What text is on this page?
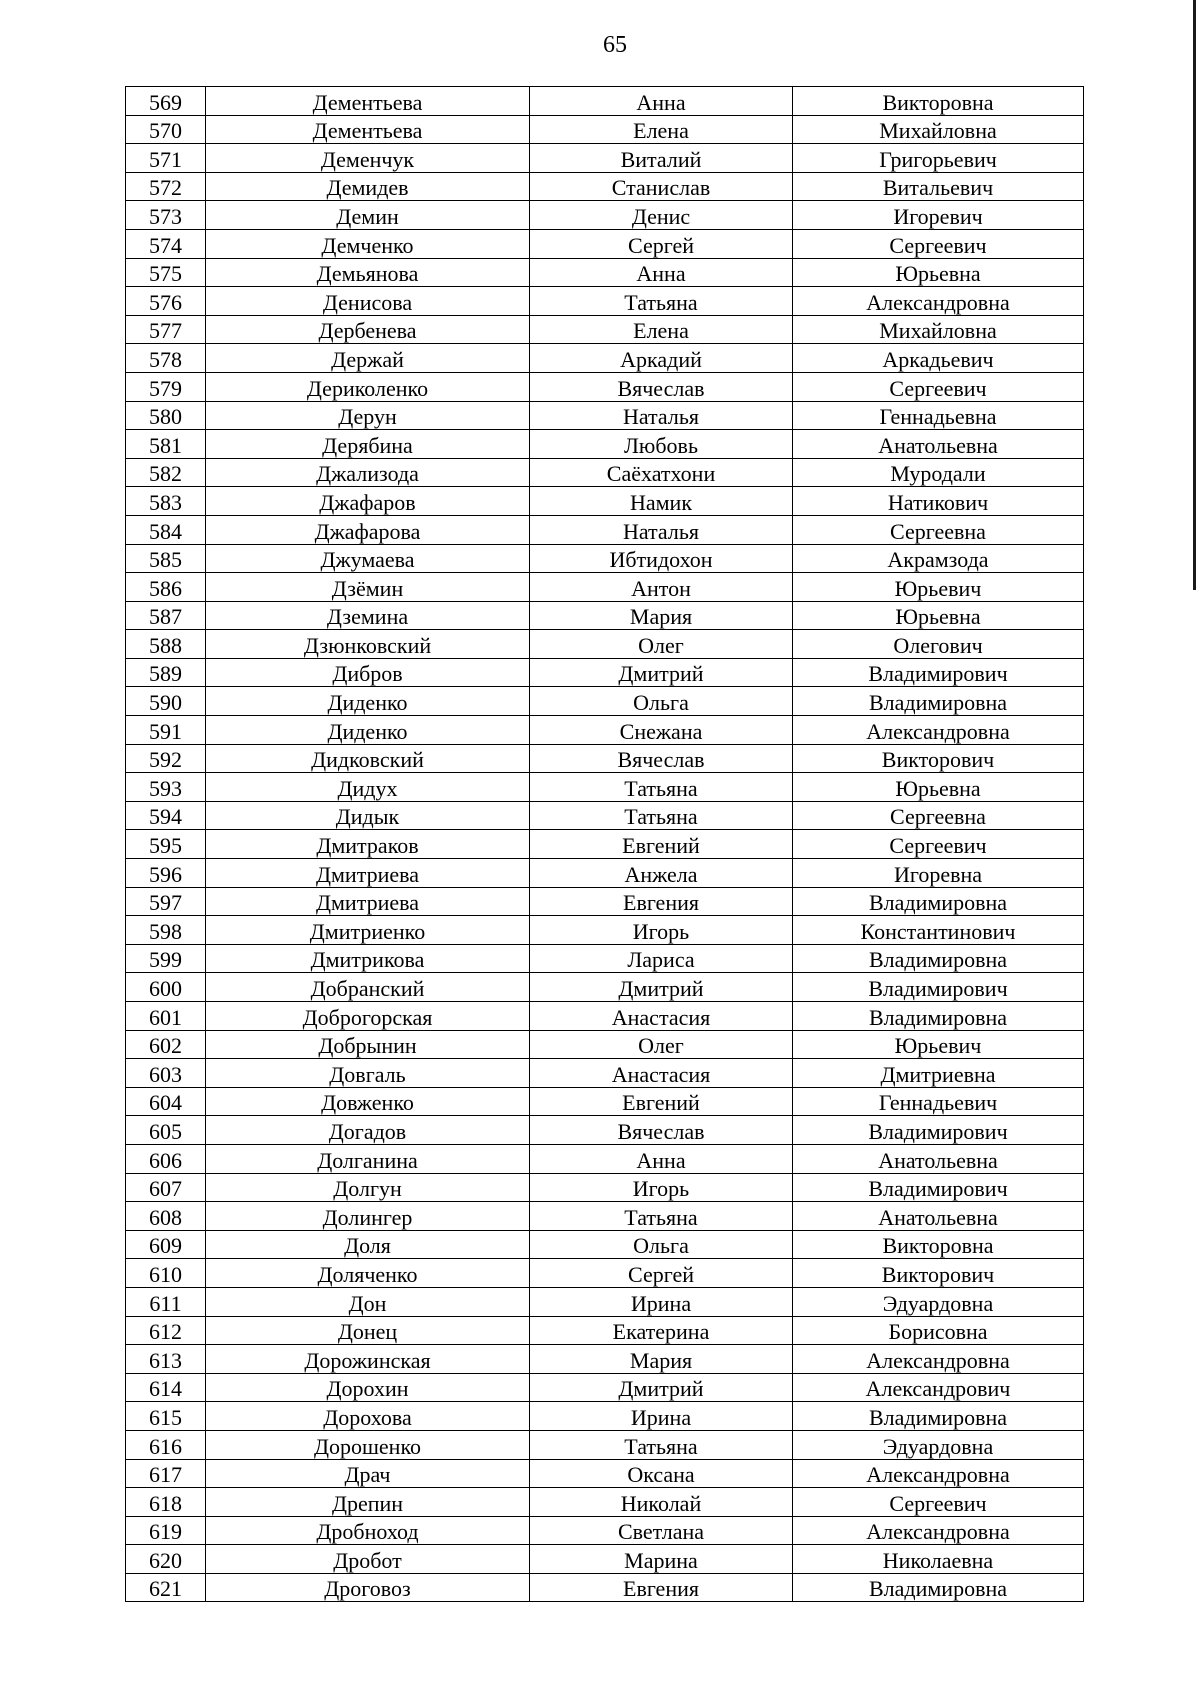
65
569	Дементьева	Анна	Викторовна
570	Дементьева	Елена	Михайловна
571	Деменчук	Виталий	Григорьевич
572	Демидев	Станислав	Витальевич
573	Демин	Денис	Игоревич
574	Демченко	Сергей	Сергеевич
575	Демьянова	Анна	Юрьевна
576	Денисова	Татьяна	Александровна
577	Дербенева	Елена	Михайловна
578	Держай	Аркадий	Аркадьевич
579	Дериколенко	Вячеслав	Сергеевич
580	Дерун	Наталья	Геннадьевна
581	Дерябина	Любовь	Анатольевна
582	Джализода	Саёхатхони	Муродали
583	Джафаров	Намик	Натикович
584	Джафарова	Наталья	Сергеевна
585	Джумаева	Ибтидохон	Акрамзода
586	Дзёмин	Антон	Юрьевич
587	Дземина	Мария	Юрьевна
588	Дзюнковский	Олег	Олегович
589	Дибров	Дмитрий	Владимирович
590	Диденко	Ольга	Владимировна
591	Диденко	Снежана	Александровна
592	Дидковский	Вячеслав	Викторович
593	Дидух	Татьяна	Юрьевна
594	Дидык	Татьяна	Сергеевна
595	Дмитраков	Евгений	Сергеевич
596	Дмитриева	Анжела	Игоревна
597	Дмитриева	Евгения	Владимировна
598	Дмитриенко	Игорь	Константинович
599	Дмитрикова	Лариса	Владимировна
600	Добранский	Дмитрий	Владимирович
601	Доброгорская	Анастасия	Владимировна
602	Добрынин	Олег	Юрьевич
603	Довгаль	Анастасия	Дмитриевна
604	Довженко	Евгений	Геннадьевич
605	Догадов	Вячеслав	Владимирович
606	Долганина	Анна	Анатольевна
607	Долгун	Игорь	Владимирович
608	Долингер	Татьяна	Анатольевна
609	Доля	Ольга	Викторовна
610	Доляченко	Сергей	Викторович
611	Дон	Ирина	Эдуардовна
612	Донец	Екатерина	Борисовна
613	Дорожинская	Мария	Александровна
614	Дорохин	Дмитрий	Александрович
615	Дорохова	Ирина	Владимировна
616	Дорошенко	Татьяна	Эдуардовна
617	Драч	Оксана	Александровна
618	Дрепин	Николай	Сергеевич
619	Дробноход	Светлана	Александровна
620	Дробот	Марина	Николаевна
621	Дроговоз	Евгения	Владимировна
